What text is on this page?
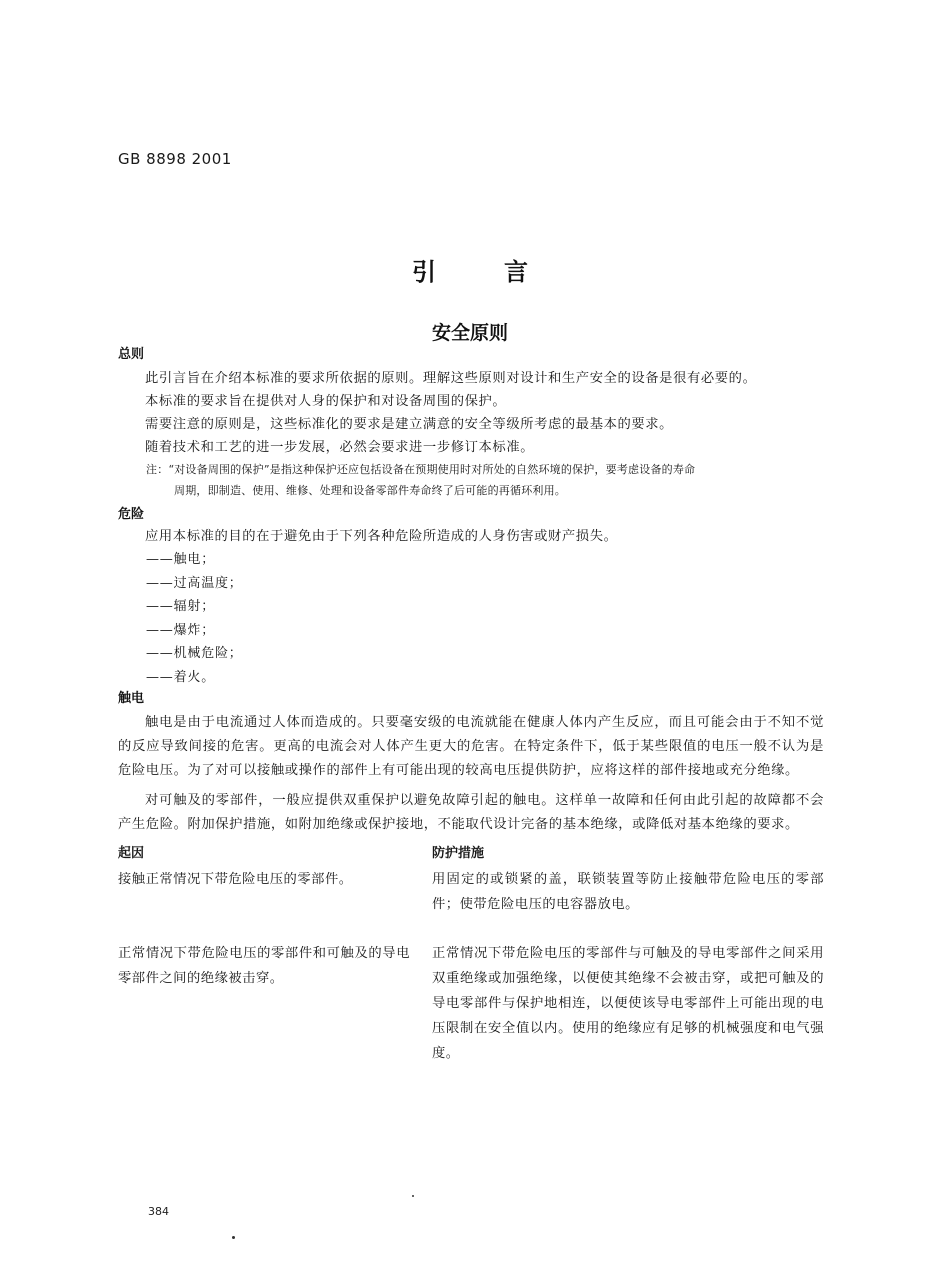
GB 8898 2001
引言
安全原则
总则

此引言旨在介绍本标准的要求所依据的原则。理解这些原则对设计和生产安全的设备是很有必要的。

本标准的要求旨在提供对人身的保护和对设备周围的保护。

需要注意的原则是，这些标准化的要求是建立满意的安全等级所考虑的最基本的要求。

随着技术和工艺的进一步发展，必然会要求进一步修订本标准。

注：“对设备周围的保护”是指这种保护还应包括设备在预期使用时对所处的自然环境的保护，要考虑设备的寿命
周期，即制造、使用、维修、处理和设备零部件寿命终了后可能的再循环利用。
危险

应用本标准的目的在于避免由于下列各种危险所造成的人身伤害或财产损失。

——触电；
——过高温度；
——辐射；
——爆炸；
——机械危险；
——着火。
触电

触电是由于电流通过人体而造成的。只要毫安级的电流就能在健康人体内产生反应，而且可能会由于不知不觉的反应导致间接的危害。更高的电流会对人体产生更大的危害。在特定条件下，低于某些限值的电压一般不认为是危险电压。为了对可以接触或操作的部件上有可能出现的较高电压提供防护，应将这样的部件接地或充分绝缘。

对可触及的零部件，一般应提供双重保护以避免故障引起的触电。这样单一故障和任何由此引起的故障都不会产生危险。附加保护措施，如附加绝缘或保护接地，不能取代设计完备的基本绝缘，或降低对基本绝缘的要求。

起因

接触正常情况下带危险电压的零部件。

正常情况下带危险电压的零部件和可触及的导电零部件之间的绝缘被击穿。

防护措施

用固定的或锁紧的盖，联锁装置等防止接触带危险电压的零部件；使带危险电压的电容器放电。

正常情况下带危险电压的零部件与可触及的导电零部件之间采用双重绝缘或加强绝缘，以便使其绝缘不会被击穿，或把可触及的导电零部件与保护地相连，以便使该导电零部件上可能出现的电压限制在安全值以内。使用的绝缘应有足够的机械强度和电气强度。

384
